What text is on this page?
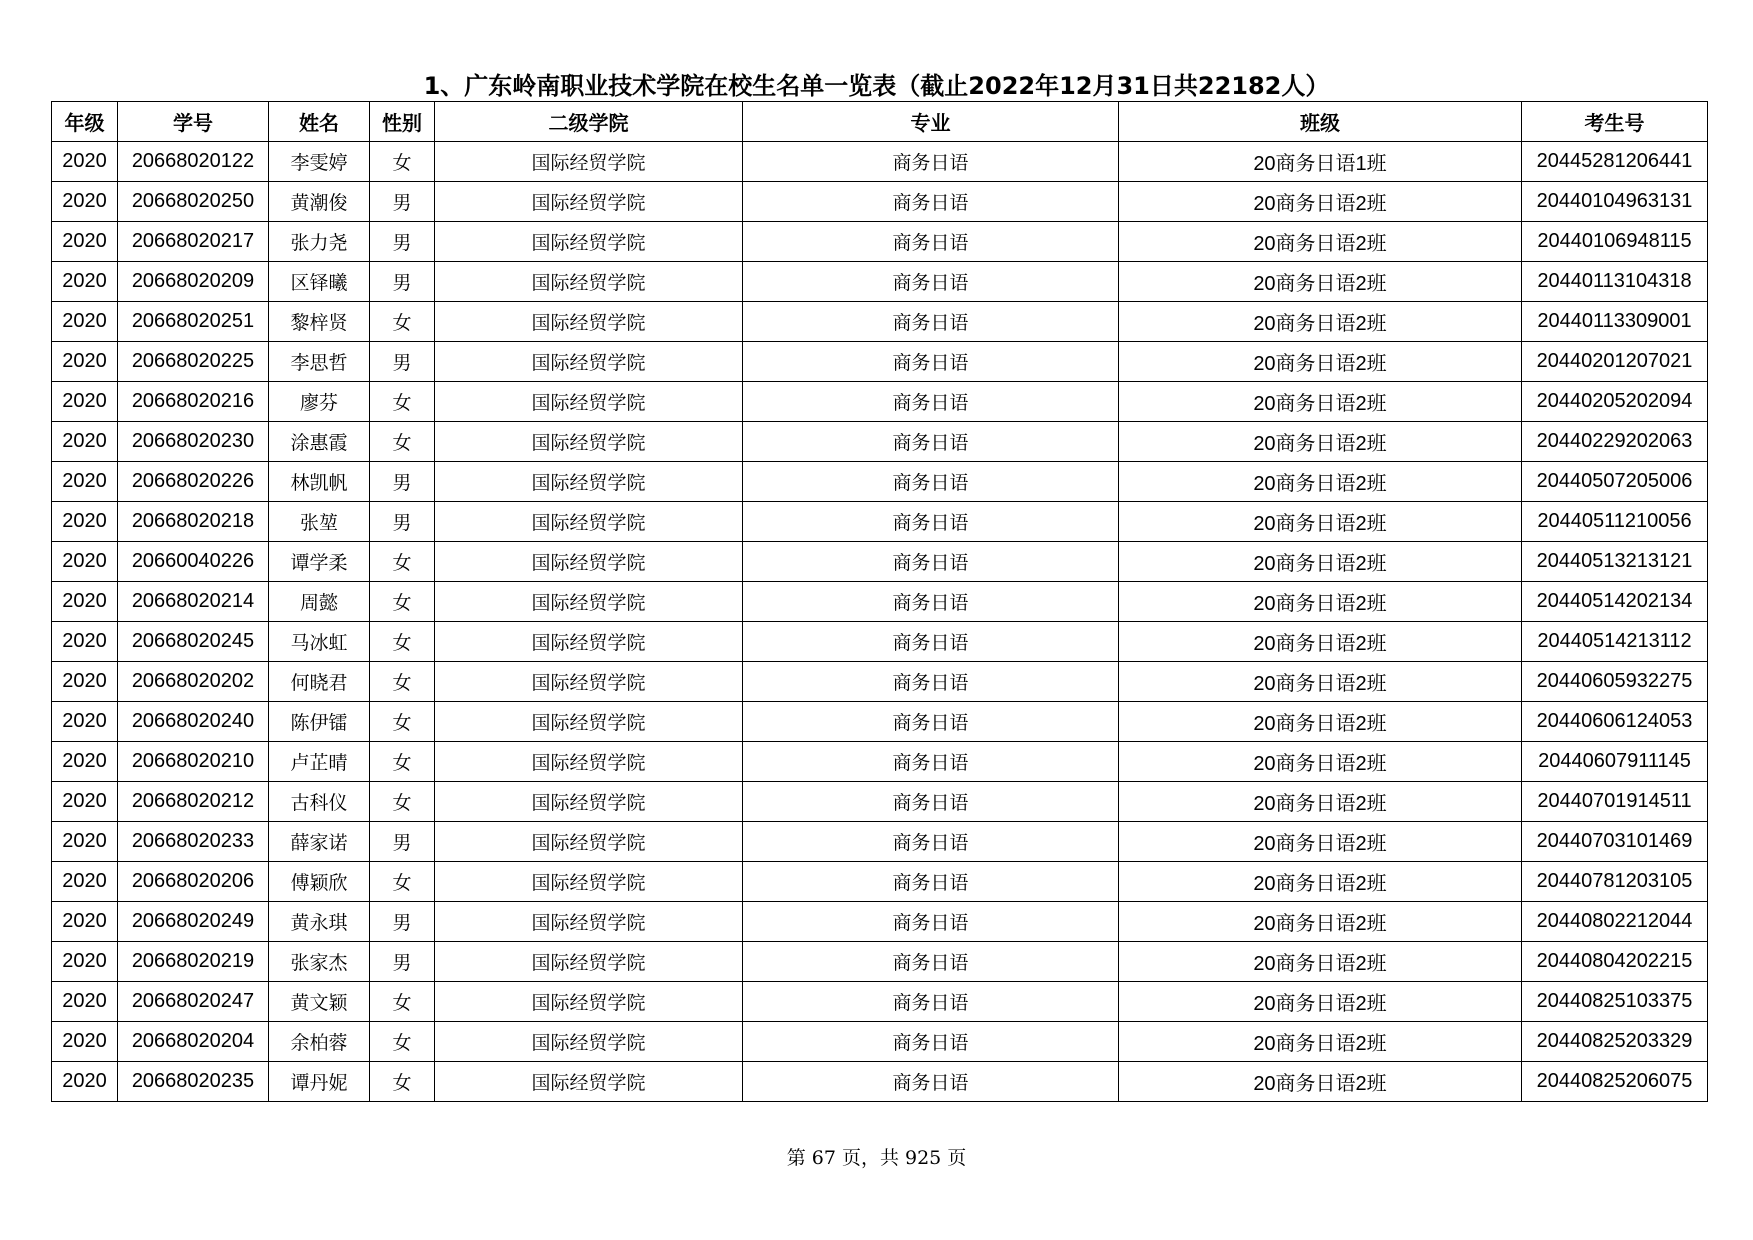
1、广东岭南职业技术学院在校生名单一览表（截止2022年12月31日共22182人）
年级	学号	姓名	性别	二级学院	专业	班级	考生号
2020	20668020122	李雯婷	女	国际经贸学院	商务日语	20商务日语1班	20445281206441
2020	20668020250	黄潮俊	男	国际经贸学院	商务日语	20商务日语2班	20440104963131
2020	20668020217	张力尧	男	国际经贸学院	商务日语	20商务日语2班	20440106948115
2020	20668020209	区铎曦	男	国际经贸学院	商务日语	20商务日语2班	20440113104318
2020	20668020251	黎梓贤	女	国际经贸学院	商务日语	20商务日语2班	20440113309001
2020	20668020225	李思哲	男	国际经贸学院	商务日语	20商务日语2班	20440201207021
2020	20668020216	廖芬	女	国际经贸学院	商务日语	20商务日语2班	20440205202094
2020	20668020230	涂惠霞	女	国际经贸学院	商务日语	20商务日语2班	20440229202063
2020	20668020226	林凯帆	男	国际经贸学院	商务日语	20商务日语2班	20440507205006
2020	20668020218	张堃	男	国际经贸学院	商务日语	20商务日语2班	20440511210056
2020	20660040226	谭学柔	女	国际经贸学院	商务日语	20商务日语2班	20440513213121
2020	20668020214	周懿	女	国际经贸学院	商务日语	20商务日语2班	20440514202134
2020	20668020245	马冰虹	女	国际经贸学院	商务日语	20商务日语2班	20440514213112
2020	20668020202	何晓君	女	国际经贸学院	商务日语	20商务日语2班	20440605932275
2020	20668020240	陈伊镭	女	国际经贸学院	商务日语	20商务日语2班	20440606124053
2020	20668020210	卢芷晴	女	国际经贸学院	商务日语	20商务日语2班	20440607911145
2020	20668020212	古科仪	女	国际经贸学院	商务日语	20商务日语2班	20440701914511
2020	20668020233	薛家诺	男	国际经贸学院	商务日语	20商务日语2班	20440703101469
2020	20668020206	傅颖欣	女	国际经贸学院	商务日语	20商务日语2班	20440781203105
2020	20668020249	黄永琪	男	国际经贸学院	商务日语	20商务日语2班	20440802212044
2020	20668020219	张家杰	男	国际经贸学院	商务日语	20商务日语2班	20440804202215
2020	20668020247	黄文颖	女	国际经贸学院	商务日语	20商务日语2班	20440825103375
2020	20668020204	余柏蓉	女	国际经贸学院	商务日语	20商务日语2班	20440825203329
2020	20668020235	谭丹妮	女	国际经贸学院	商务日语	20商务日语2班	20440825206075
第 67 页，共 925 页
